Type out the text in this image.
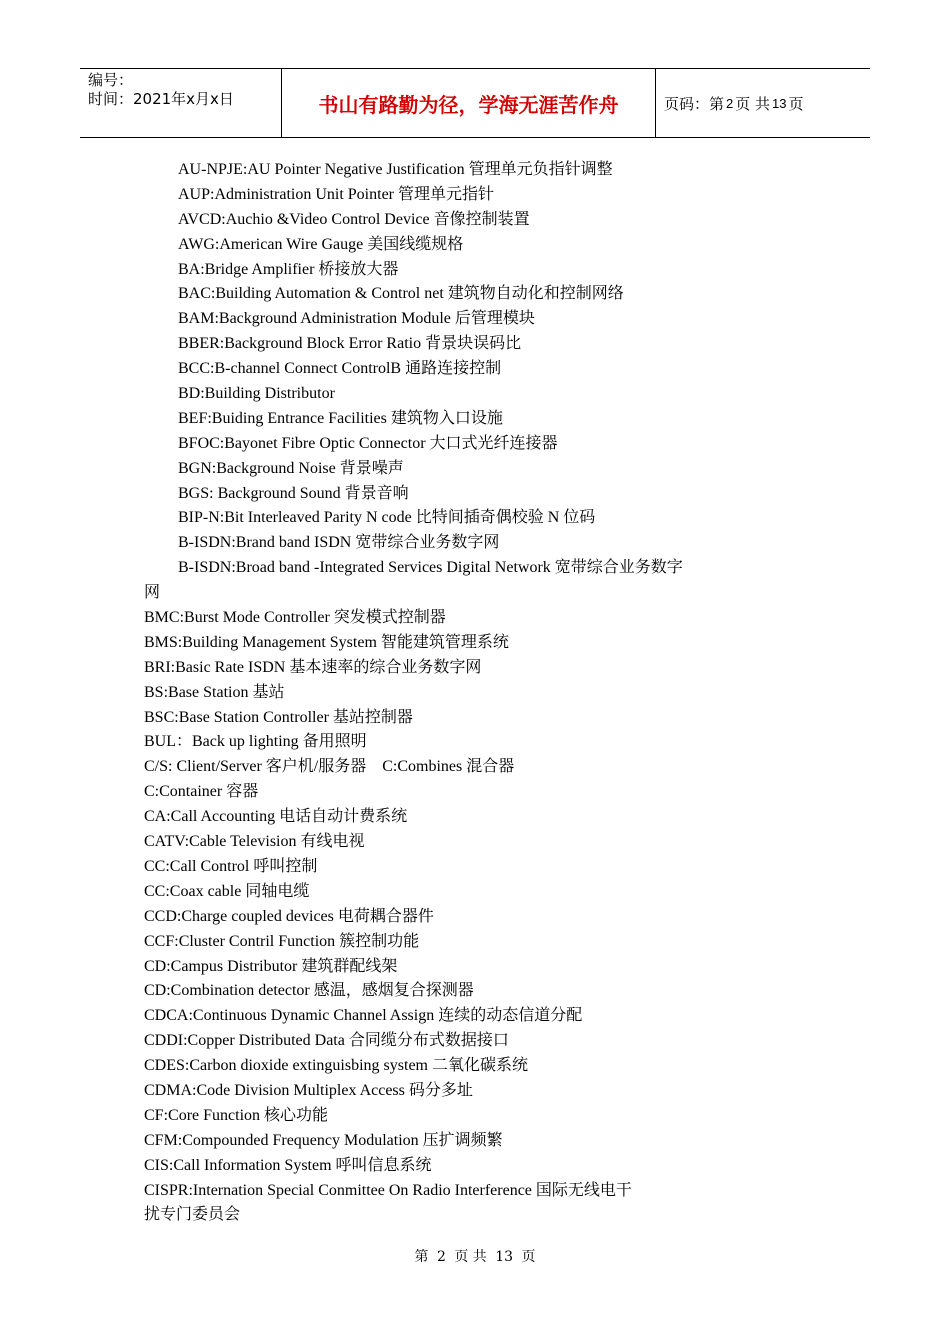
编号：
时间：2021年x月x日	书山有路勤为径，学海无涯苦作舟	页码：第 2 页 共 13 页
AU-NPJE:AU Pointer Negative Justification 管理单元负指针调整
AUP:Administration Unit Pointer 管理单元指针
AVCD:Auchio &Video Control Device 音像控制装置
AWG:American Wire Gauge 美国线缆规格
BA:Bridge Amplifier 桥接放大器
BAC:Building Automation & Control net 建筑物自动化和控制网络
BAM:Background Administration Module 后管理模块
BBER:Background Block Error Ratio 背景块误码比
BCC:B-channel Connect ControlB 通路连接控制
BD:Building Distributor
BEF:Buiding Entrance Facilities 建筑物入口设施
BFOC:Bayonet Fibre Optic Connector 大口式光纤连接器
BGN:Background Noise 背景噪声
BGS: Background Sound 背景音响
BIP-N:Bit Interleaved Parity N code 比特间插奇偶校验 N 位码
B-ISDN:Brand band ISDN 宽带综合业务数字网
B-ISDN:Broad band -Integrated Services Digital Network 宽带综合业务数字
网
BMC:Burst Mode Controller 突发模式控制器
BMS:Building Management System 智能建筑管理系统
BRI:Basic Rate ISDN 基本速率的综合业务数字网
BS:Base Station 基站
BSC:Base Station Controller 基站控制器
BUL：Back up lighting 备用照明
C/S: Client/Server 客户机/服务器    C:Combines 混合器
C:Container 容器
CA:Call Accounting 电话自动计费系统
CATV:Cable Television 有线电视
CC:Call Control 呼叫控制
CC:Coax cable 同轴电缆
CCD:Charge coupled devices 电荷耦合器件
CCF:Cluster Contril Function 簇控制功能
CD:Campus Distributor 建筑群配线架
CD:Combination detector 感温，感烟复合探测器
CDCA:Continuous Dynamic Channel Assign 连续的动态信道分配
CDDI:Copper Distributed Data 合同缆分布式数据接口
CDES:Carbon dioxide extinguisbing system 二氧化碳系统
CDMA:Code Division Multiplex Access 码分多址
CF:Core Function 核心功能
CFM:Compounded Frequency Modulation 压扩调频繁
CIS:Call Information System 呼叫信息系统
CISPR:Internation Special Conmittee On Radio Interference 国际无线电干
扰专门委员会
第 2 页 共 13 页
